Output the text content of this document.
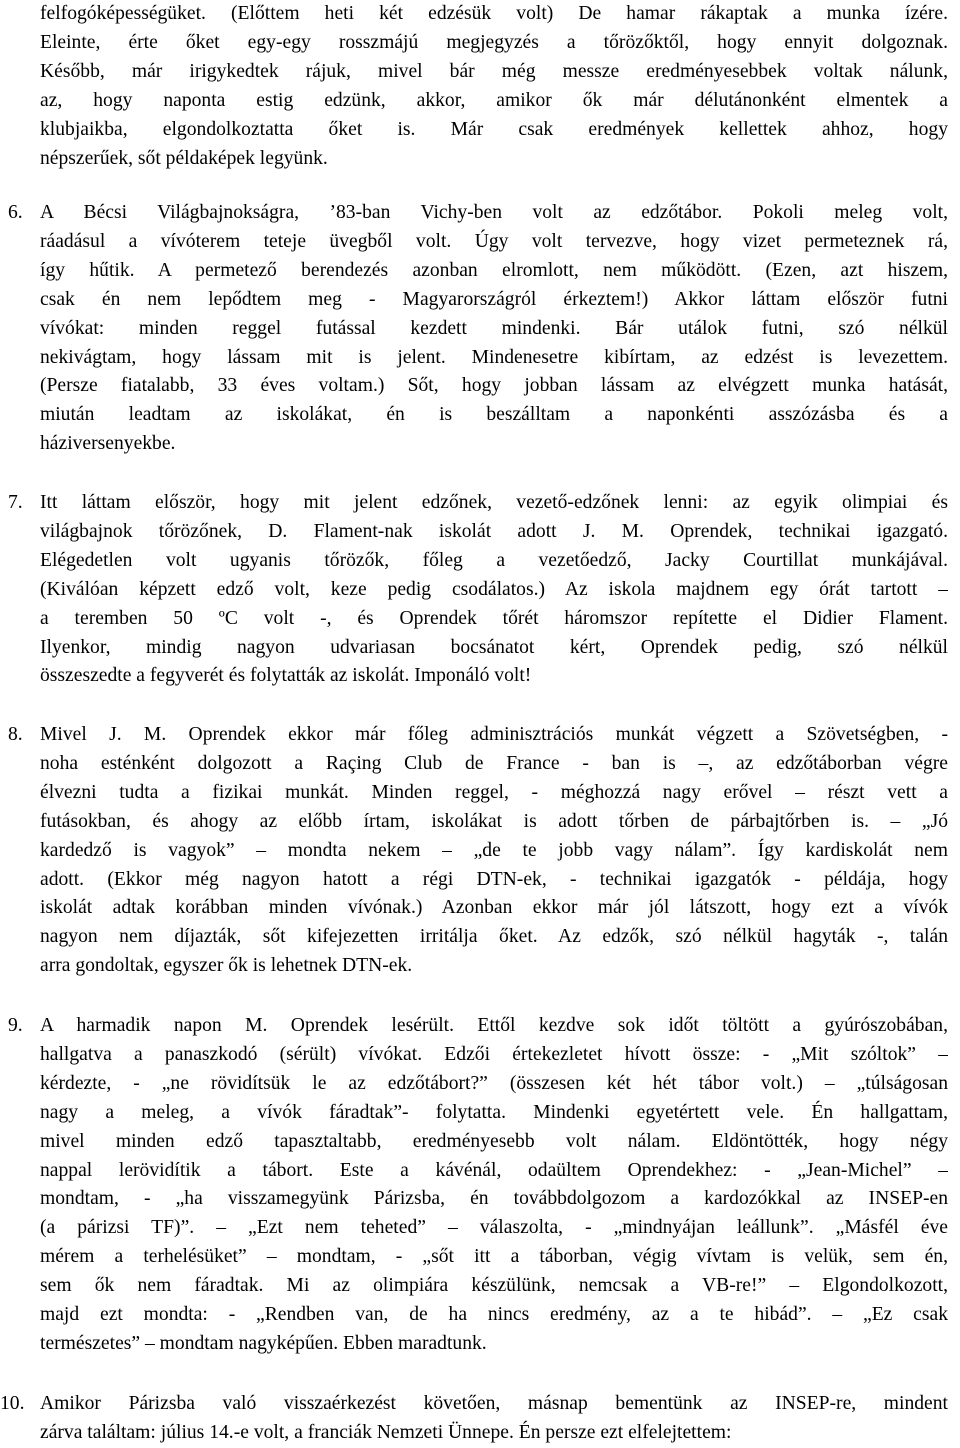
felfogóképességüket. (Előttem heti két edzésük volt) De hamar rákaptak a munka ízére.
Eleinte, érte őket egy-egy rosszmájú megjegyzés a tőrözőktől, hogy ennyit dolgoznak.
Később, már irigykedtek rájuk, mivel bár még messze eredményesebbek voltak nálunk,
az, hogy naponta estig edzünk, akkor, amikor ők már délutánonként elmentek a
klubjaikba, elgondolkoztatta őket is. Már csak eredmények kellettek ahhoz, hogy
népszerűek, sőt példaképek legyünk.
6. A Bécsi Világbajnokságra, ’83-ban Vichy-ben volt az edzőtábor. Pokoli meleg volt,
ráadásul a vívóterem teteje üvegből volt. Úgy volt tervezve, hogy vizet permeteznek rá,
így hűtik. A permetező berendezés azonban elromlott, nem működött. (Ezen, azt hiszem,
csak én nem lepődtem meg - Magyarországról érkeztem!) Akkor láttam először futni
vívókat: minden reggel futással kezdett mindenki. Bár utálok futni, szó nélkül
nekivágtam, hogy lássam mit is jelent. Mindenesetre kibírtam, az edzést is levezettem.
(Persze fiatalabb, 33 éves voltam.) Sőt, hogy jobban lássam az elvégzett munka hatását,
miután leadtam az iskolákat, én is beszálltam a naponkénti asszózásba és a
háziversenyekbe.
7. Itt láttam először, hogy mit jelent edzőnek, vezető-edzőnek lenni: az egyik olimpiai és
világbajnok tőrözőnek, D. Flament-nak iskolát adott J. M. Oprendek, technikai igazgató.
Elégedetlen volt ugyanis tőrözők, főleg a vezetőedző, Jacky Courtillat munkájával.
(Kiválóan képzett edző volt, keze pedig csodálatos.) Az iskola majdnem egy órát tartott –
a teremben 50 ºC volt -, és Oprendek tőrét háromszor repítette el Didier Flament.
Ilyenkor, mindig nagyon udvariasan bocsánatot kért, Oprendek pedig, szó nélkül
összeszedte a fegyverét és folytatták az iskolát. Imponáló volt!
8. Mivel J. M. Oprendek ekkor már főleg adminisztrációs munkát végzett a Szövetségben, -
noha esténként dolgozott a Raçing Club de France - ban is –, az edzőtáborban végre
élvezni tudta a fizikai munkát. Minden reggel, - méghozzá nagy erővel – részt vett a
futásokban, és ahogy az előbb írtam, iskolákat is adott tőrben de párbajtőrben is. – „Jó
kardedző is vagyok” – mondta nekem – „de te jobb vagy nálam”. Így kardiskolát nem
adott. (Ekkor még nagyon hatott a régi DTN-ek, - technikai igazgatók - példája, hogy
iskolát adtak korábban minden vívónak.) Azonban ekkor már jól látszott, hogy ezt a vívók
nagyon nem díjazták, sőt kifejezetten irritálja őket. Az edzők, szó nélkül hagyták -, talán
arra gondoltak, egyszer ők is lehetnek DTN-ek.
9. A harmadik napon M. Oprendek lesérült. Ettől kezdve sok időt töltött a gyúrószobában,
hallgatva a panaszkodó (sérült) vívókat. Edzői értekezletet hívott össze: - „Mit szóltok” –
kérdezte, - „ne rövidítsük le az edzőtábort?” (összesen két hét tábor volt.) – „túlságosan
nagy a meleg, a vívók fáradtak”- folytatta. Mindenki egyetértett vele. Én hallgattam,
mivel minden edző tapasztaltabb, eredményesebb volt nálam. Eldöntötték, hogy négy
nappal lerövidítik a tábort. Este a kávénál, odaültem Oprendekhez: - „Jean-Michel” –
mondtam, - „ha visszamegyünk Párizsba, én továbbdolgozom a kardozókkal az INSEP-en
(a párizsi TF)”. – „Ezt nem teheted” – válaszolta, - „mindnyájan leállunk”. „Másfél éve
mérem a terhelésüket” – mondtam, - „sőt itt a táborban, végig vívtam is velük, sem én,
sem ők nem fáradtak. Mi az olimpiára készülünk, nemcsak a VB-re!” – Elgondolkozott,
majd ezt mondta: - „Rendben van, de ha nincs eredmény, az a te hibád”. – „Ez csak
természetes” – mondtam nagyképűen. Ebben maradtunk.
10. Amikor Párizsba való visszaérkezést követően, másnap bementünk az INSEP-re, mindent
zárva találtam: július 14.-e volt, a franciák Nemzeti Ünnepe. Én persze ezt elfelejtettem:
